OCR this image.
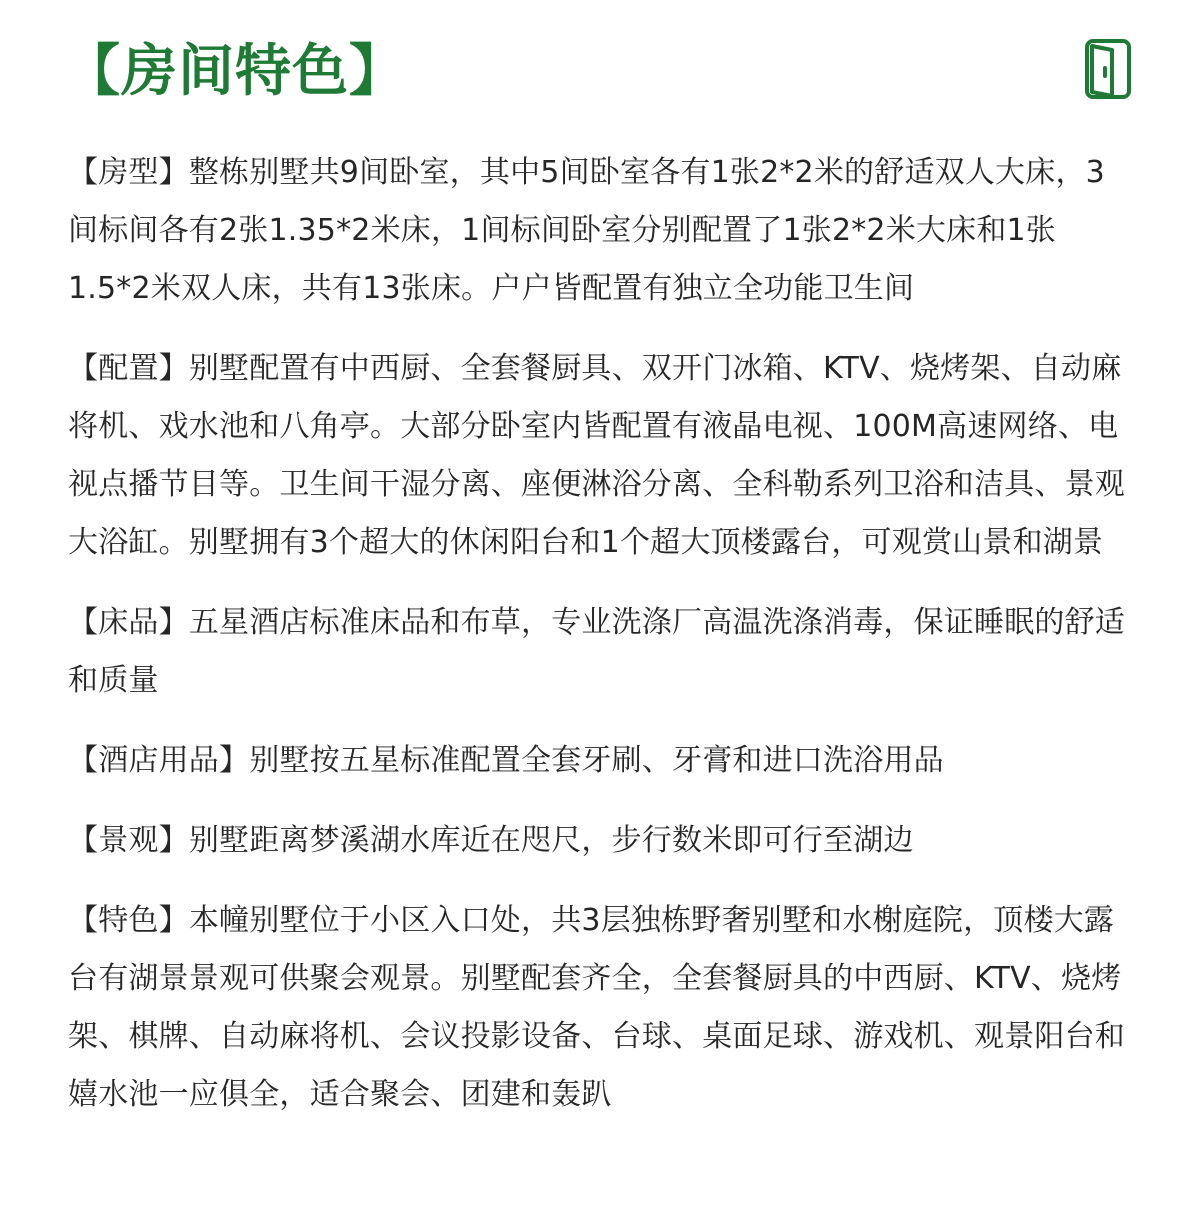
【房间特色】

【房型】整栋别墅共9间卧室，其中5间卧室各有1张2*2米的舒适双人大床，3间标间各有2张1.35*2米床，1间标间卧室分别配置了1张2*2米大床和1张1.5*2米双人床，共有13张床。户户皆配置有独立全功能卫生间

【配置】别墅配置有中西厨、全套餐厨具、双开门冰箱、KTV、烧烤架、自动麻将机、戏水池和八角亭。大部分卧室内皆配置有液晶电视、100M高速网络、电视点播节目等。卫生间干湿分离、座便淋浴分离、全科勒系列卫浴和洁具、景观大浴缸。别墅拥有3个超大的休闲阳台和1个超大顶楼露台，可观赏山景和湖景

【床品】五星酒店标准床品和布草，专业洗涤厂高温洗涤消毒，保证睡眠的舒适和质量

【酒店用品】别墅按五星标准配置全套牙刷、牙膏和进口洗浴用品

【景观】别墅距离梦溪湖水库近在咫尺，步行数米即可行至湖边

【特色】本幢别墅位于小区入口处，共3层独栋野奢别墅和水榭庭院，顶楼大露台有湖景景观可供聚会观景。别墅配套齐全，全套餐厨具的中西厨、KTV、烧烤架、棋牌、自动麻将机、会议投影设备、台球、桌面足球、游戏机、观景阳台和嬉水池一应俱全，适合聚会、团建和轰趴
